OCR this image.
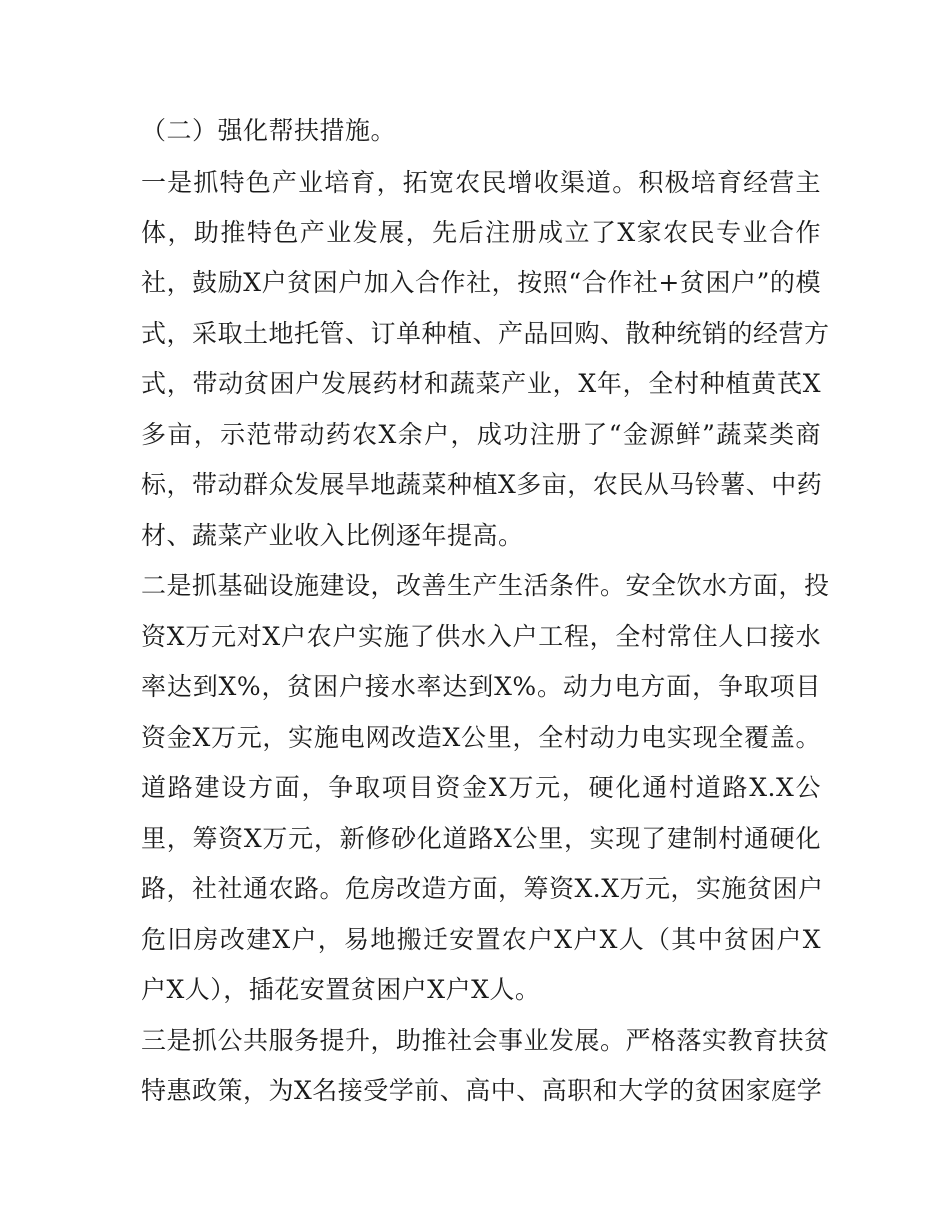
（二）强化帮扶措施。
一是抓特色产业培育，拓宽农民增收渠道。积极培育经营主
体，助推特色产业发展，先后注册成立了X家农民专业合作
社，鼓励X户贫困户加入合作社，按照“合作社+贫困户”的模
式，采取土地托管、订单种植、产品回购、散种统销的经营方
式，带动贫困户发展药材和蔬菜产业，X年，全村种植黄芪X
多亩，示范带动药农X余户，成功注册了“金源鲜”蔬菜类商
标，带动群众发展旱地蔬菜种植X多亩，农民从马铃薯、中药
材、蔬菜产业收入比例逐年提高。
二是抓基础设施建设，改善生产生活条件。安全饮水方面，投
资X万元对X户农户实施了供水入户工程，全村常住人口接水
率达到X%，贫困户接水率达到X%。动力电方面，争取项目
资金X万元，实施电网改造X公里，全村动力电实现全覆盖。
道路建设方面，争取项目资金X万元，硬化通村道路X.X公
里，筹资X万元，新修砂化道路X公里，实现了建制村通硬化
路，社社通农路。危房改造方面，筹资X.X万元，实施贫困户
危旧房改建X户，易地搬迁安置农户X户X人（其中贫困户X
户X人），插花安置贫困户X户X人。
三是抓公共服务提升，助推社会事业发展。严格落实教育扶贫
特惠政策，为X名接受学前、高中、高职和大学的贫困家庭学
